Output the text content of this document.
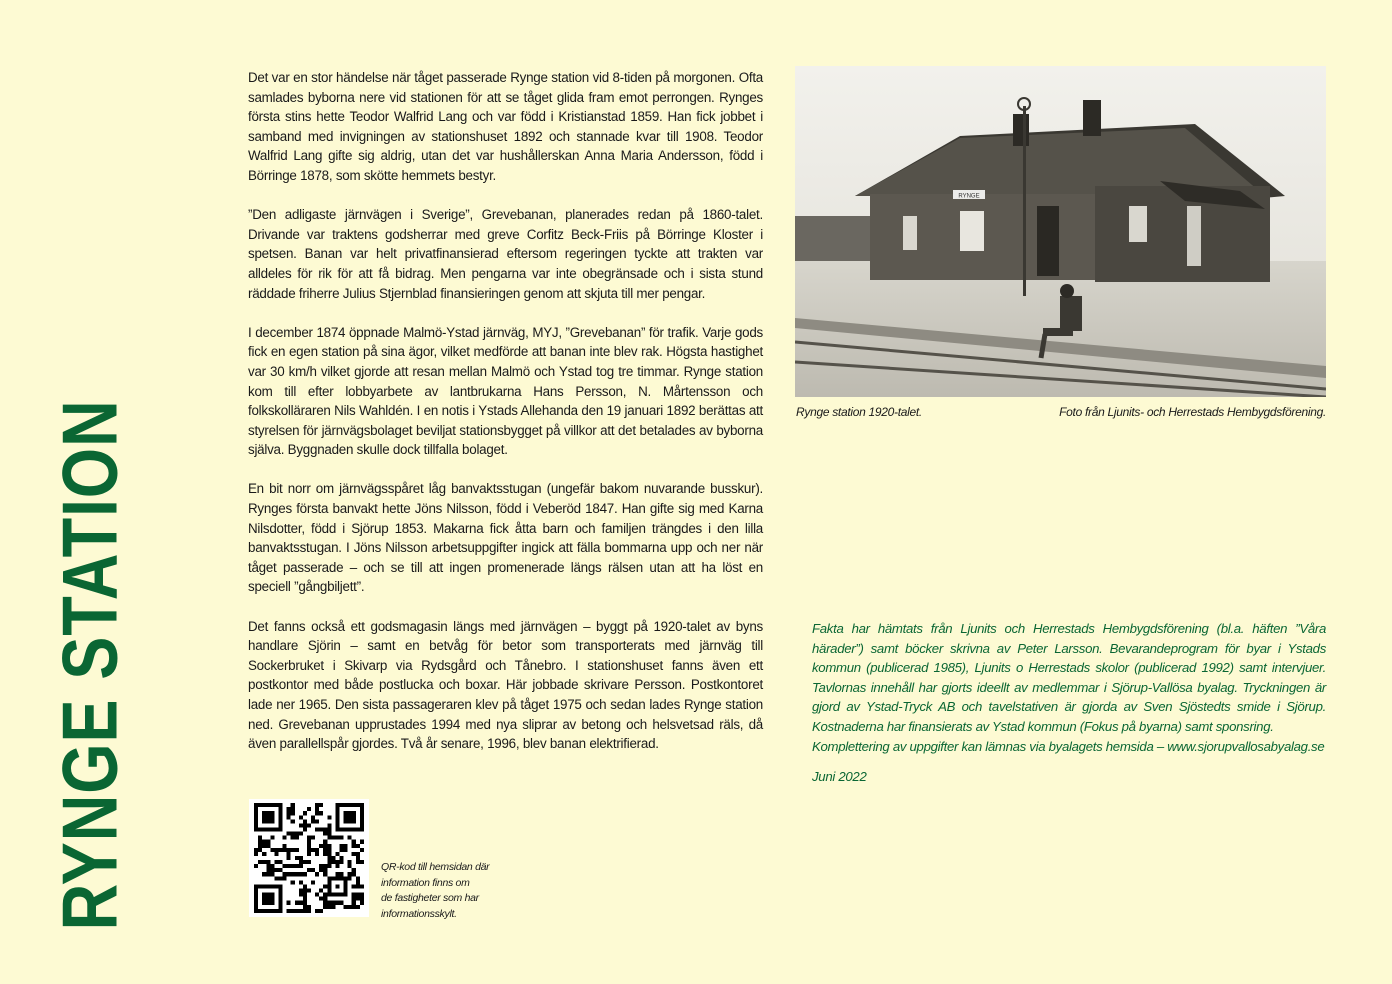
RYNGE STATION

Det var en stor händelse när tåget passerade Rynge station vid 8-tiden på morgonen. Ofta samlades byborna nere vid stationen för att se tåget glida fram emot perrongen. Rynges första stins hette Teodor Walfrid Lang och var född i Kristianstad 1859. Han fick jobbet i samband med invigningen av stationshuset 1892 och stannade kvar till 1908. Teodor Walfrid Lang gifte sig aldrig, utan det var hushållerskan Anna Maria Andersson, född i Börringe 1878, som skötte hemmets bestyr.

”Den adligaste järnvägen i Sverige”, Grevebanan, planerades redan på 1860-talet. Drivande var traktens godsherrar med greve Corfitz Beck-Friis på Börringe Kloster i spetsen. Banan var helt privatfinansierad eftersom regeringen tyckte att trakten var alldeles för rik för att få bidrag. Men pengarna var inte obegränsade och i sista stund räddade friherre Julius Stjernblad finansieringen genom att skjuta till mer pengar.

I december 1874 öppnade Malmö-Ystad järnväg, MYJ, ”Grevebanan” för trafik. Varje gods fick en egen station på sina ägor, vilket medförde att banan inte blev rak. Högsta hastighet var 30 km/h vilket gjorde att resan mellan Malmö och Ystad tog tre timmar. Rynge station kom till efter lobbyarbete av lantbrukarna Hans Persson, N. Mårtensson och folkskolläraren Nils Wahldén. I en notis i Ystads Allehanda den 19 januari 1892 berättas att styrelsen för järnvägsbolaget beviljat stationsbygget på villkor att det betalades av byborna själva. Byggnaden skulle dock tillfalla bolaget.

En bit norr om järnvägsspåret låg banvaktsstugan (ungefär bakom nuvarande busskur). Rynges första banvakt hette Jöns Nilsson, född i Veberöd 1847. Han gifte sig med Karna Nilsdotter, född i Sjörup 1853. Makarna fick åtta barn och familjen trängdes i den lilla banvaktsstugan. I Jöns Nilsson arbetsuppgifter ingick att fälla bommarna upp och ner när tåget passerade – och se till att ingen promenerade längs rälsen utan att ha löst en speciell ”gångbiljett”.

Det fanns också ett godsmagasin längs med järnvägen – byggt på 1920-talet av byns handlare Sjörin – samt en betvåg för betor som transporterats med järnväg till Sockerbruket i Skivarp via Rydsgård och Tånebro. I stationshuset fanns även ett postkontor med både postlucka och boxar. Här jobbade skrivare Persson. Postkontoret lade ner 1965. Den sista passageraren klev på tåget 1975 och sedan lades Rynge station ned. Grevebanan upprustades 1994 med nya sliprar av betong och helsvetsad räls, då även parallellspår gjordes. Två år senare, 1996, blev banan elektrifierad.

RYNGE
Rynge station 1920-talet.	Foto från Ljunits- och Herrestads Hembygdsförening.

Fakta har hämtats från Ljunits och Herrestads Hembygdsförening (bl.a. häften ”Våra härader”) samt böcker skrivna av Peter Larsson. Bevarandeprogram för byar i Ystads kommun (publicerad 1985), Ljunits o Herrestads skolor (publicerad 1992) samt intervjuer. Tavlornas innehåll har gjorts ideellt av medlemmar i Sjörup-Vallösa byalag. Tryckningen är gjord av Ystad-Tryck AB och tavelstativen är gjorda av Sven Sjöstedts smide i Sjörup. Kostnaderna har finansierats av Ystad kommun (Fokus på byarna) samt sponsring.

Komplettering av uppgifter kan lämnas via byalagets hemsida – www.sjorupvallosabyalag.se

Juni 2022

QR-kod till hemsidan där
information finns om
de fastigheter som har
informationsskylt.
